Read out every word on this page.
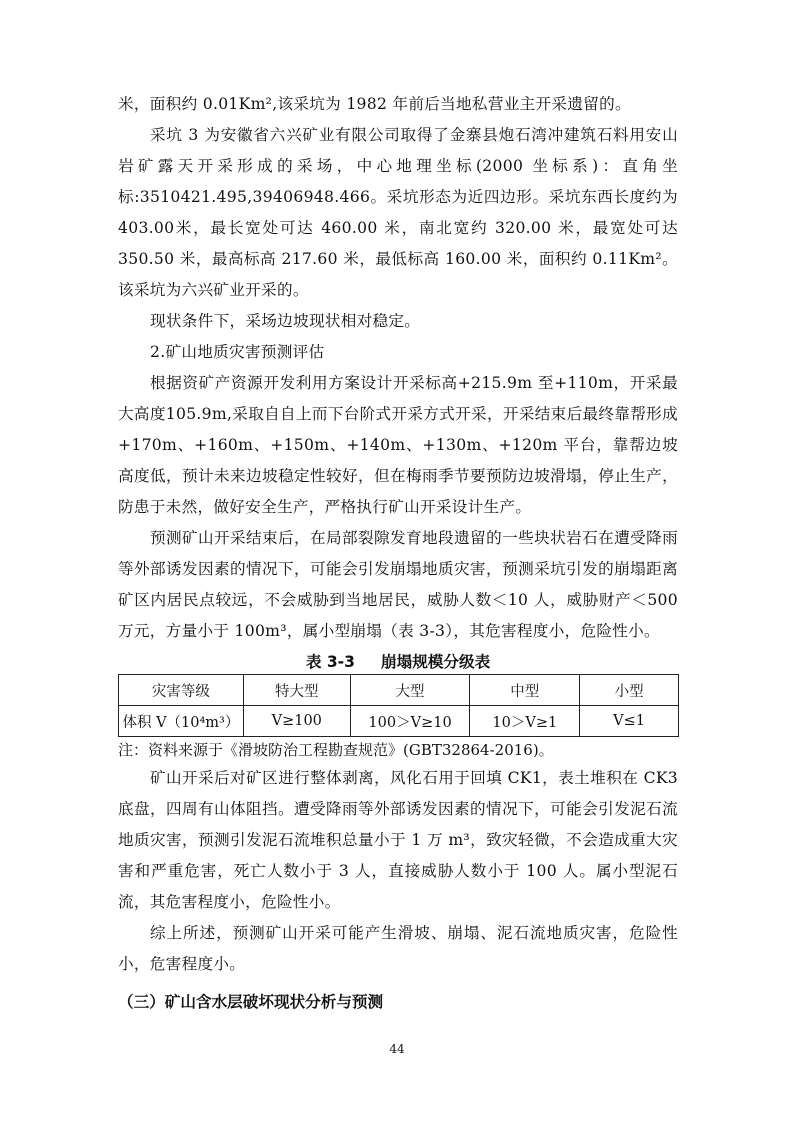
米，面积约 0.01Km²,该采坑为 1982 年前后当地私营业主开采遗留的。

采坑 3 为安徽省六兴矿业有限公司取得了金寨县炮石湾冲建筑石料用安山岩矿露天开采形成的采场，中心地理坐标(2000 坐标系)：直角坐标:3510421.495,39406948.466。采坑形态为近四边形。采坑东西长度约为403.00米，最长宽处可达 460.00 米，南北宽约 320.00 米，最宽处可达 350.50 米，最高标高 217.60 米，最低标高 160.00 米，面积约 0.11Km²。该采坑为六兴矿业开采的。

现状条件下，采场边坡现状相对稳定。

2.矿山地质灾害预测评估

根据资矿产资源开发利用方案设计开采标高+215.9m 至+110m，开采最大高度105.9m,采取自自上而下台阶式开采方式开采，开采结束后最终靠帮形成+170m、+160m、+150m、+140m、+130m、+120m 平台，靠帮边坡高度低，预计未来边坡稳定性较好，但在梅雨季节要预防边坡滑塌，停止生产，防患于未然，做好安全生产，严格执行矿山开采设计生产。

预测矿山开采结束后，在局部裂隙发育地段遗留的一些块状岩石在遭受降雨等外部诱发因素的情况下，可能会引发崩塌地质灾害，预测采坑引发的崩塌距离矿区内居民点较远，不会威胁到当地居民，威胁人数＜10 人，威胁财产＜500 万元，方量小于 100m³，属小型崩塌（表 3-3），其危害程度小，危险性小。

表 3-3 崩塌规模分级表
灾害等级	特大型	大型	中型	小型
体积 V（10⁴m³）	V≥100	100＞V≥10	10＞V≥1	V≤1
注：资料来源于《滑坡防治工程勘查规范》(GBT32864-2016)。

矿山开采后对矿区进行整体剥离，风化石用于回填 CK1，表土堆积在 CK3 底盘，四周有山体阻挡。遭受降雨等外部诱发因素的情况下，可能会引发泥石流地质灾害，预测引发泥石流堆积总量小于 1 万 m³，致灾轻微，不会造成重大灾害和严重危害，死亡人数小于 3 人，直接威胁人数小于 100 人。属小型泥石流，其危害程度小，危险性小。

综上所述，预测矿山开采可能产生滑坡、崩塌、泥石流地质灾害，危险性小，危害程度小。

（三）矿山含水层破坏现状分析与预测
44
